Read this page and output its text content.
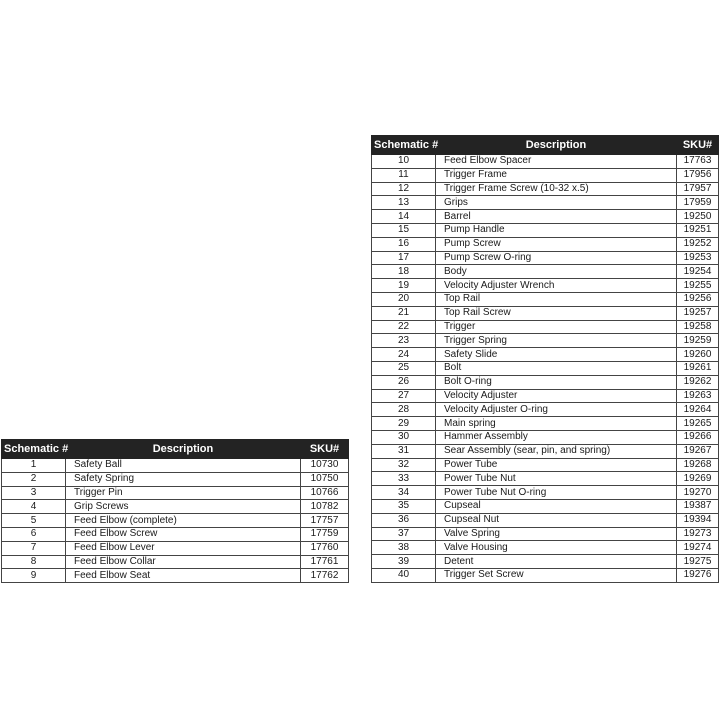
Schematic #	Description	SKU#
1	Safety Ball	10730
2	Safety Spring	10750
3	Trigger Pin	10766
4	Grip Screws	10782
5	Feed Elbow (complete)	17757
6	Feed Elbow Screw	17759
7	Feed Elbow Lever	17760
8	Feed Elbow Collar	17761
9	Feed Elbow Seat	17762
Schematic #	Description	SKU#
10	Feed Elbow Spacer	17763
11	Trigger Frame	17956
12	Trigger Frame Screw (10-32 x.5)	17957
13	Grips	17959
14	Barrel	19250
15	Pump Handle	19251
16	Pump Screw	19252
17	Pump Screw O-ring	19253
18	Body	19254
19	Velocity Adjuster Wrench	19255
20	Top Rail	19256
21	Top Rail Screw	19257
22	Trigger	19258
23	Trigger Spring	19259
24	Safety Slide	19260
25	Bolt	19261
26	Bolt O-ring	19262
27	Velocity Adjuster	19263
28	Velocity Adjuster O-ring	19264
29	Main spring	19265
30	Hammer Assembly	19266
31	Sear Assembly (sear, pin, and spring)	19267
32	Power Tube	19268
33	Power Tube Nut	19269
34	Power Tube Nut O-ring	19270
35	Cupseal	19387
36	Cupseal Nut	19394
37	Valve Spring	19273
38	Valve Housing	19274
39	Detent	19275
40	Trigger Set Screw	19276
